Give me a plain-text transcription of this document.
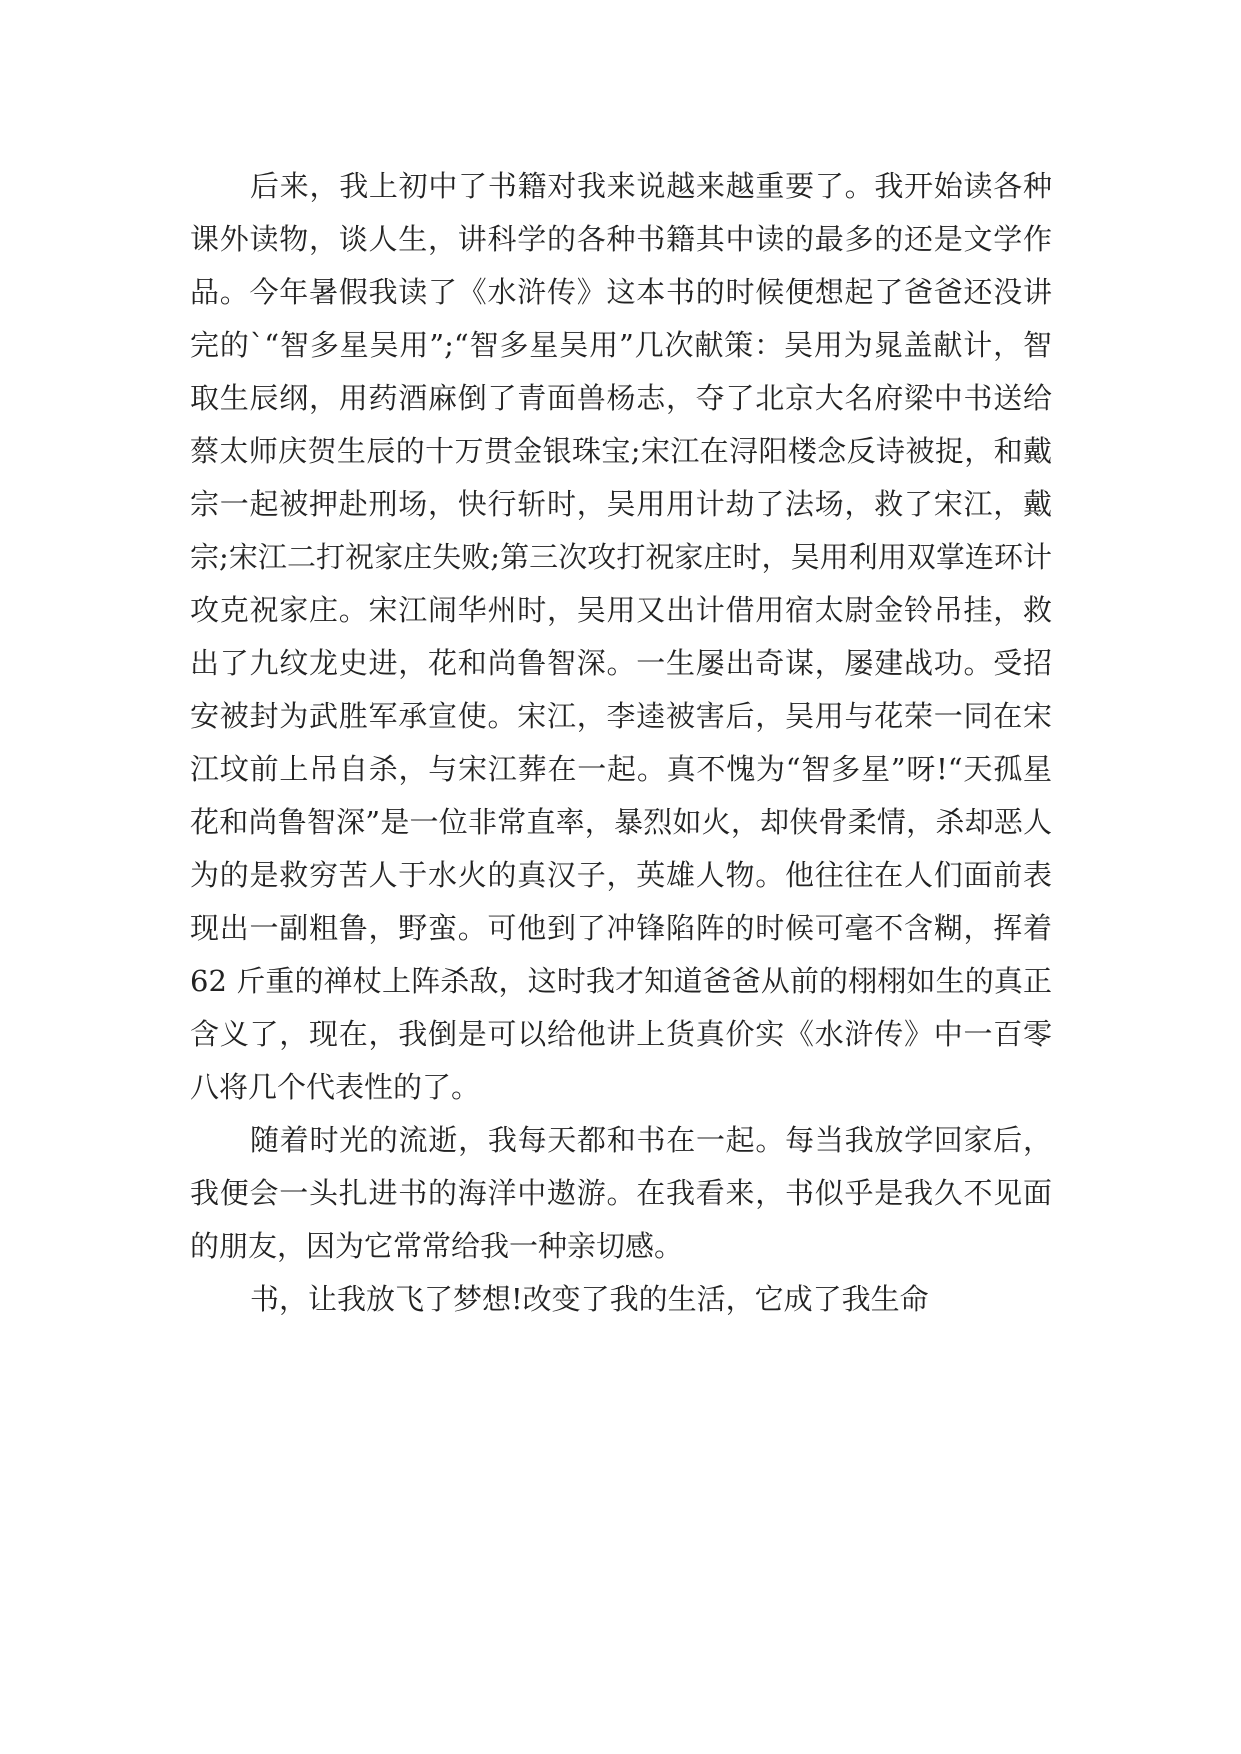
后来，我上初中了书籍对我来说越来越重要了。我开始读各种课外读物，谈人生，讲科学的各种书籍其中读的最多的还是文学作品。今年暑假我读了《水浒传》这本书的时候便想起了爸爸还没讲完的`“智多星吴用”;“智多星吴用”几次献策：吴用为晁盖献计，智取生辰纲，用药酒麻倒了青面兽杨志，夺了北京大名府梁中书送给蔡太师庆贺生辰的十万贯金银珠宝;宋江在浔阳楼念反诗被捉，和戴宗一起被押赴刑场，快行斩时，吴用用计劫了法场，救了宋江，戴宗;宋江二打祝家庄失败;第三次攻打祝家庄时，吴用利用双掌连环计攻克祝家庄。宋江闹华州时，吴用又出计借用宿太尉金铃吊挂，救出了九纹龙史进，花和尚鲁智深。一生屡出奇谋，屡建战功。受招安被封为武胜军承宣使。宋江，李逵被害后，吴用与花荣一同在宋江坟前上吊自杀，与宋江葬在一起。真不愧为“智多星”呀!“天孤星花和尚鲁智深”是一位非常直率，暴烈如火，却侠骨柔情，杀却恶人为的是救穷苦人于水火的真汉子，英雄人物。他往往在人们面前表现出一副粗鲁，野蛮。可他到了冲锋陷阵的时候可毫不含糊，挥着 62 斤重的禅杖上阵杀敌，这时我才知道爸爸从前的栩栩如生的真正含义了，现在，我倒是可以给他讲上货真价实《水浒传》中一百零八将几个代表性的了。

随着时光的流逝，我每天都和书在一起。每当我放学回家后，我便会一头扎进书的海洋中遨游。在我看来，书似乎是我久不见面的朋友，因为它常常给我一种亲切感。

书，让我放飞了梦想!改变了我的生活，它成了我生命
